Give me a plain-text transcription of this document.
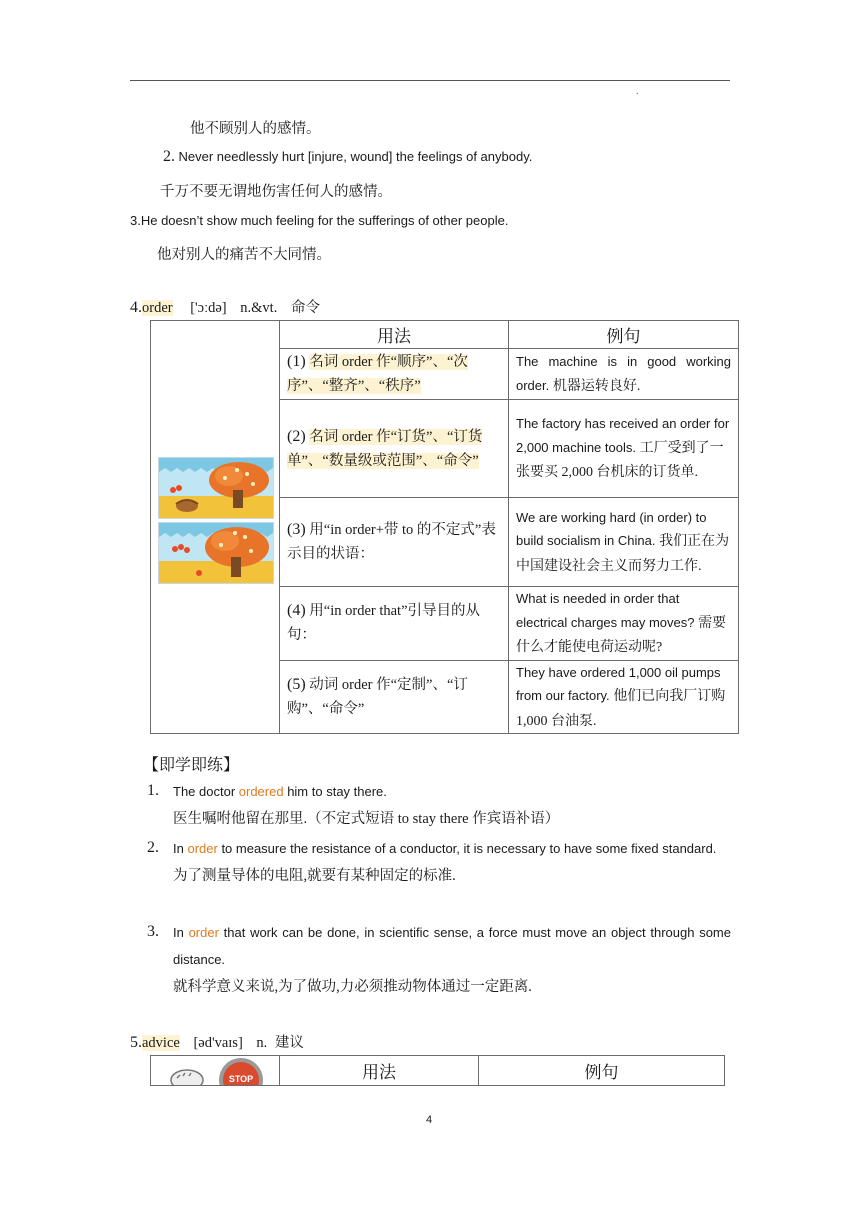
.
他不顾别人的感情。
2. Never needlessly hurt [injure, wound] the feelings of anybody.
千万不要无谓地伤害任何人的感情。
3.He doesn’t show much feeling for the sufferings of other people.
他对别人的痛苦不大同情。
4.order ['ɔːdə] n.&vt. 命令
	用法	例句
	(1) 名词 order 作“顺序”、“次序”、“整齐”、“秩序”	The machine is in good working order. 机器运转良好.
	(2) 名词 order 作“订货”、“订货单”、“数量级或范围”、“命令”	The factory has received an order for 2,000 machine tools. 工厂受到了一张要买 2,000 台机床的订货单.
	(3) 用“in order+带 to 的不定式”表示目的状语：	We are working hard (in order) to build socialism in China. 我们正在为中国建设社会主义而努力工作.
	(4) 用“in order that”引导目的从句：	What is needed in order that electrical charges may moves? 需要什么才能使电荷运动呢?
	(5) 动词 order 作“定制”、“订购”、“命令”	They have ordered 1,000 oil pumps from our factory. 他们已向我厂订购 1,000 台油泵.
【即学即练】
1. The doctor ordered him to stay there.
医生嘱咐他留在那里.（不定式短语 to stay there 作宾语补语）
2. In order to measure the resistance of a conductor, it is necessary to have some fixed standard.
为了测量导体的电阻,就要有某种固定的标准.
3. In order that work can be done, in scientific sense, a force must move an object through some distance.
就科学意义来说,为了做功,力必须推动物体通过一定距离.
5.advice [əd'vaɪs] n. 建议
STOP	用法	例句
4
